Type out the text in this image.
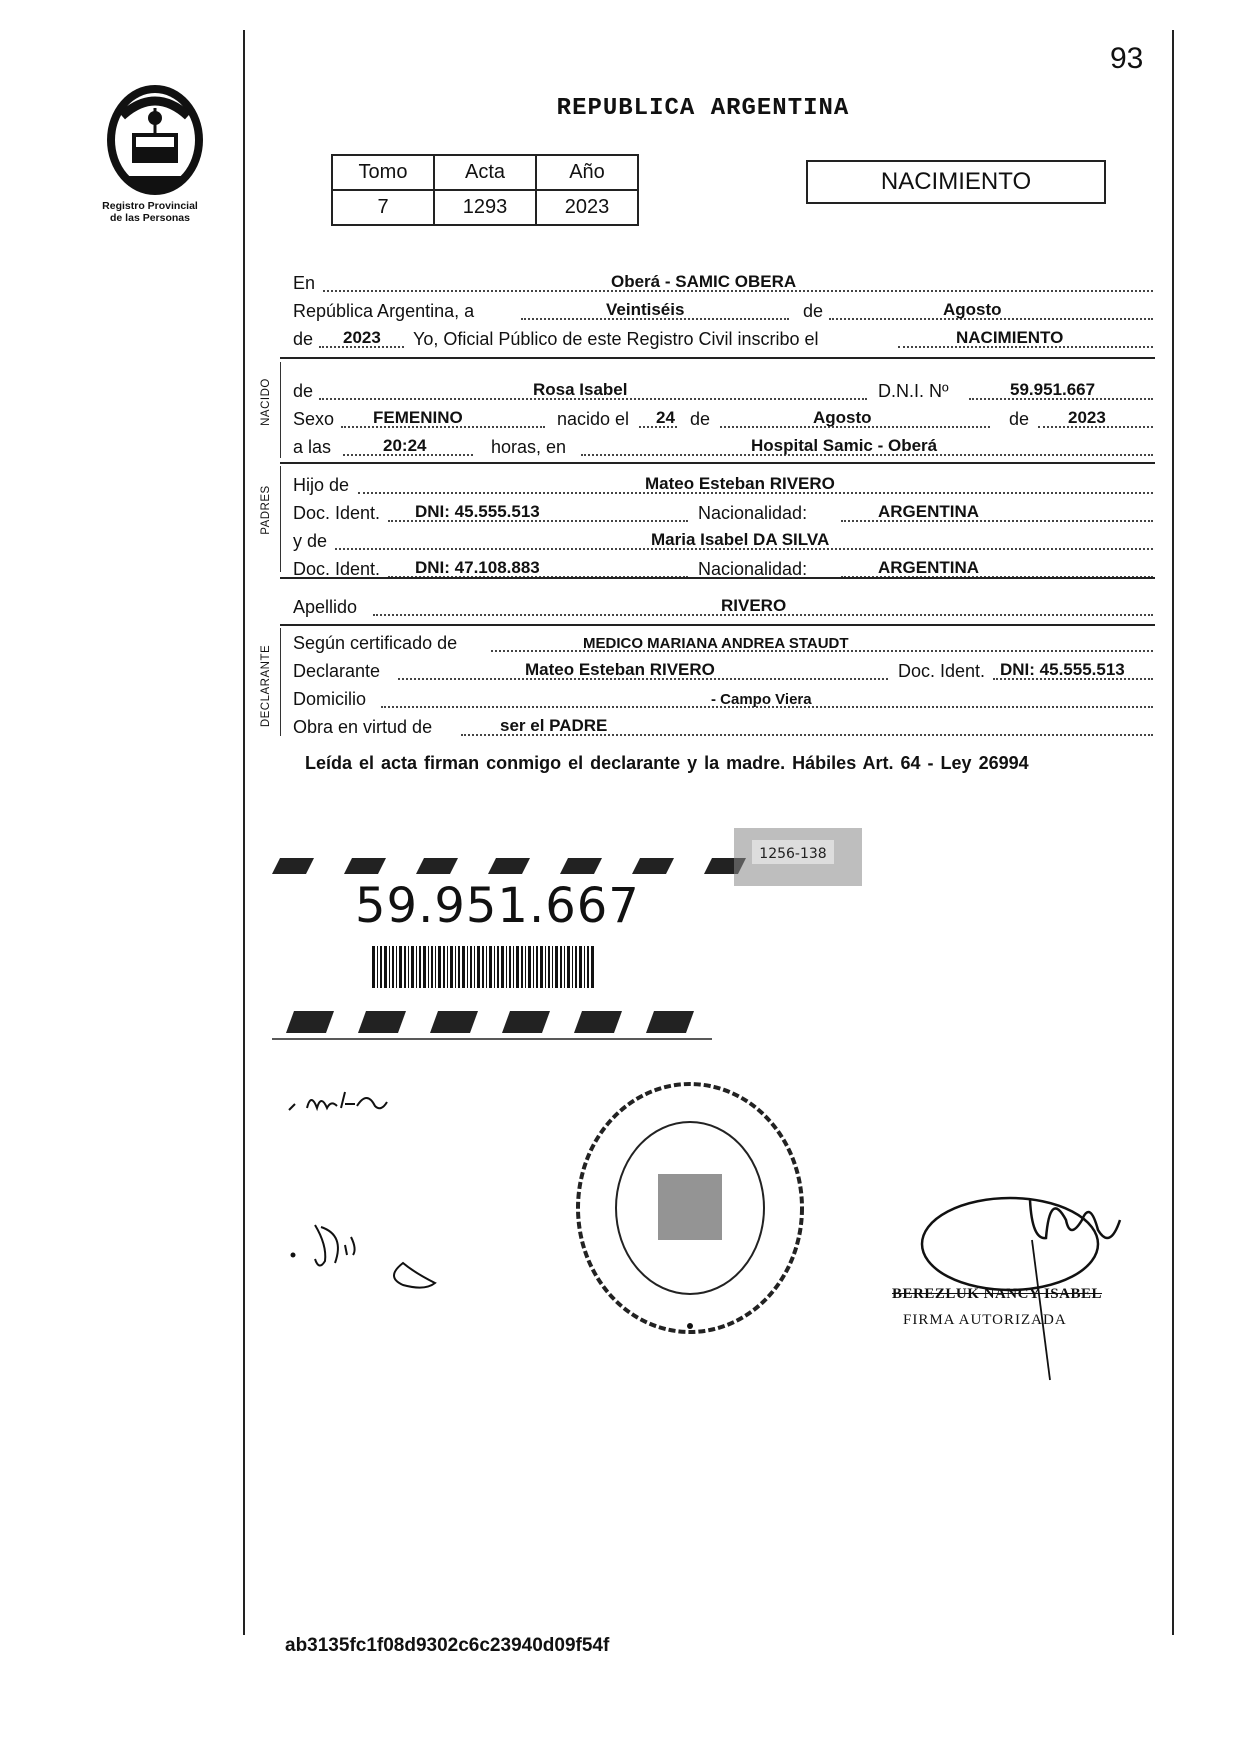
93
Registro Provincial
de las Personas
REPUBLICA ARGENTINA
Tomo	Acta	Año
7	1293	2023
NACIMIENTO
En	Oberá - SAMIC OBERA
República Argentina, a	Veintiséis	de	Agosto
de 2023 Yo, Oficial Público de este Registro Civil inscribo el	NACIMIENTO
NACIDO de	Rosa Isabel	D.N.I. Nº	59.951.667
Sexo FEMENINO	nacido el 24 de	Agosto	de 2023
a las	20:24	horas, en	Hospital Samic - Oberá
PADRES
Hijo de	Mateo Esteban RIVERO
Doc. Ident. DNI: 45.555.513	Nacionalidad:	ARGENTINA
y de	Maria Isabel DA SILVA
Doc. Ident. DNI: 47.108.883	Nacionalidad:	ARGENTINA
Apellido	RIVERO
DECLARANTE
Según certificado de	MEDICO MARIANA ANDREA STAUDT
Declarante	Mateo Esteban RIVERO	Doc. Ident. DNI: 45.555.513
Domicilio	- Campo Viera
Obra en virtud de	ser el PADRE
Leída el acta firman conmigo el declarante y la madre. Hábiles Art. 64 - Ley 26994
1256-138
59.951.667
BEREZLUK NANCY ISABEL
FIRMA AUTORIZADA
ab3135fc1f08d9302c6c23940d09f54f
